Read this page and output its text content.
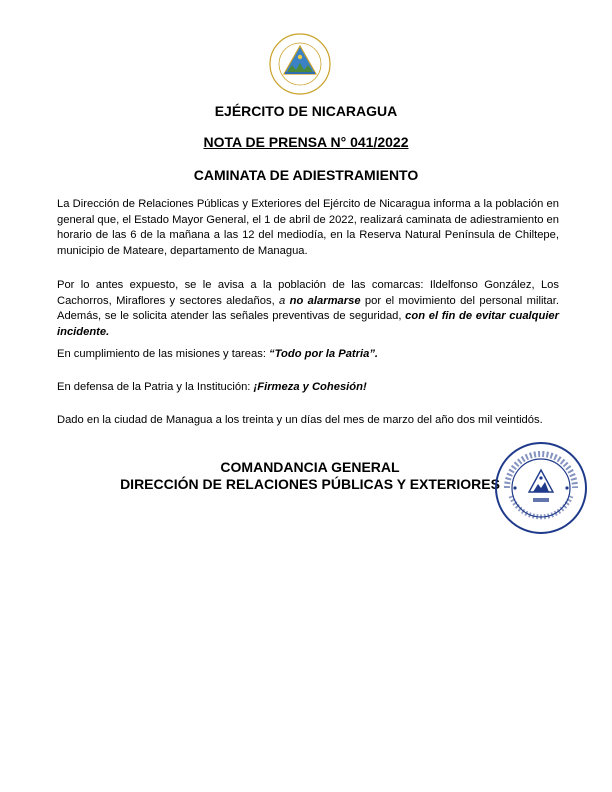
EJÉRCITO DE NICARAGUA
NOTA DE PRENSA N° 041/2022
CAMINATA DE ADIESTRAMIENTO

La Dirección de Relaciones Públicas y Exteriores del Ejército de Nicaragua informa a la población en general que, el Estado Mayor General, el 1 de abril de 2022, realizará caminata de adiestramiento en horario de las 6 de la mañana a las 12 del mediodía, en la Reserva Natural Península de Chiltepe, municipio de Mateare, departamento de Managua.

Por lo antes expuesto, se le avisa a la población de las comarcas: Ildelfonso González, Los Cachorros, Miraflores y sectores aledaños, a no alarmarse por el movimiento del personal militar. Además, se le solicita atender las señales preventivas de seguridad, con el fin de evitar cualquier incidente.

En cumplimiento de las misiones y tareas: “Todo por la Patria”.

En defensa de la Patria y la Institución: ¡Firmeza y Cohesión!

Dado en la ciudad de Managua a los treinta y un días del mes de marzo del año dos mil veintidós.

COMANDANCIA GENERAL
DIRECCIÓN DE RELACIONES PÚBLICAS Y EXTERIORES
